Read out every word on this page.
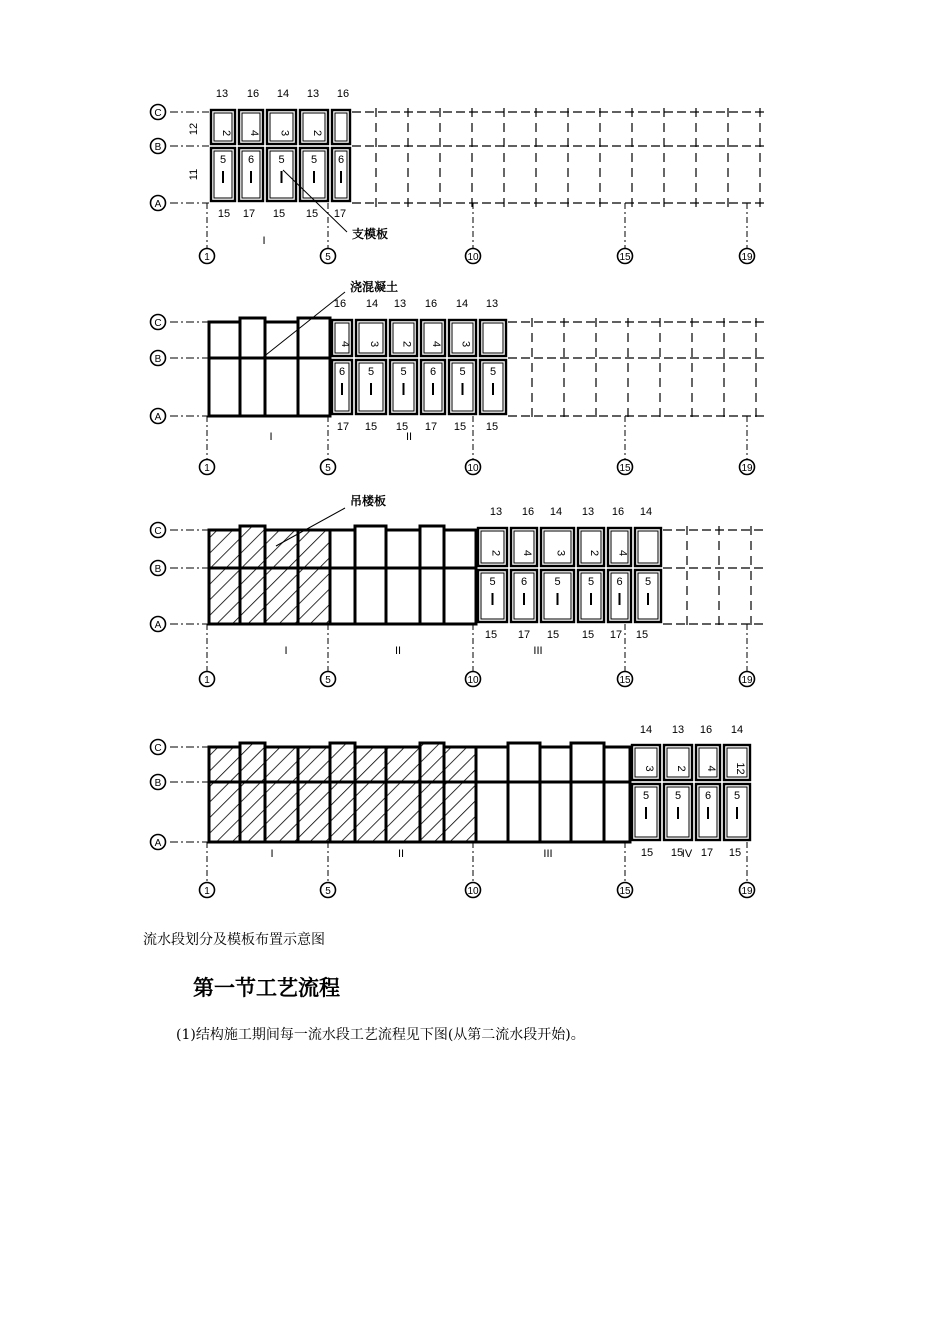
C
B
A
1	5	10	15	19
2
5
4
6
3
5
2
5 6
13 16 14 13 16
15 17 15 15 17
12
11
I	支模板
C
B
A
1	5	10	15	19
4
6
3
5
2
5
4
6
3
5 5
16 14 13 16 14 13
17 15 15 17 15 15
I	II
浇混凝土
C
B
A
1	5	10	15	19
2
5
4
6
3
5
2
5
4
6 5
13 16 14 13 16 14
15 17 15 15 17 15
I	II	III
吊楼板
C
B
A
1	5	10	15	19
3
5
2
5
4
6
12
5
14 13 16 14
15 15 17 15
I	II	III	IV
流水段划分及模板布置示意图
第一节工艺流程
(1)结构施工期间每一流水段工艺流程见下图(从第二流水段开始)。
